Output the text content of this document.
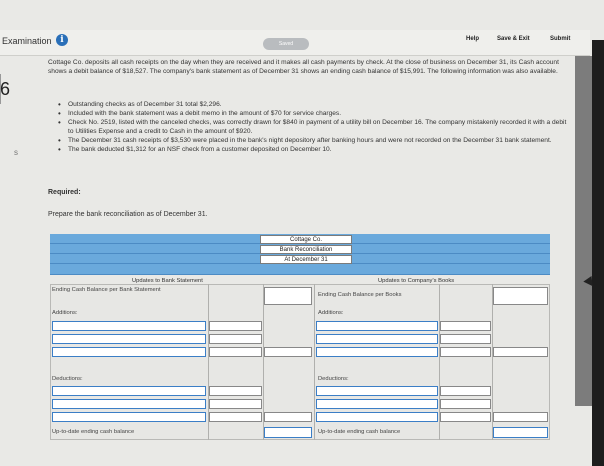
Examination i	Saved
Help	Save & Exit	Submit
6
s

Cottage Co. deposits all cash receipts on the day when they are received and it makes all cash payments by check. At the close of business on December 31, its Cash account shows a debit balance of $18,527. The company's bank statement as of December 31 shows an ending cash balance of $15,991. The following information was also available.

• Outstanding checks as of December 31 total $2,296.
• Included with the bank statement was a debit memo in the amount of $70 for service charges.
• Check No. 2519, listed with the canceled checks, was correctly drawn for $840 in payment of a utility bill on December 16. The company mistakenly recorded it with a debit to Utilities Expense and a credit to Cash in the amount of $920.
• The December 31 cash receipts of $3,530 were placed in the bank's night depository after banking hours and were not recorded on the December 31 bank statement.
• The bank deducted $1,312 for an NSF check from a customer deposited on December 10.
Required:
Prepare the bank reconciliation as of December 31.
Cottage Co.
Bank Reconciliation
At December 31
Updates to Bank Statement	Updates to Company's Books
Ending Cash Balance per Bank Statement
Additions:
Deductions:
Up-to-date ending cash balance
Ending Cash Balance per Books
Additions:
Deductions:
Up-to-date ending cash balance
